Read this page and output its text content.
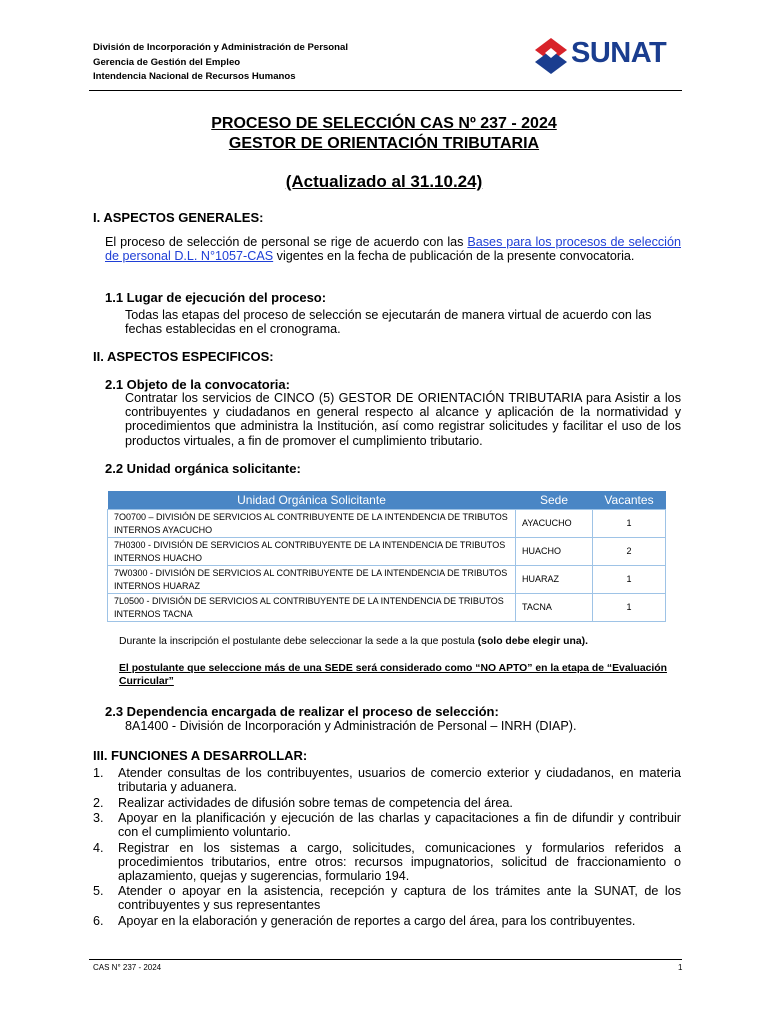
División de Incorporación y Administración de Personal
Gerencia de Gestión del Empleo
Intendencia Nacional de Recursos Humanos
SUNAT
PROCESO DE SELECCIÓN CAS Nº 237 - 2024
GESTOR DE ORIENTACIÓN TRIBUTARIA
(Actualizado al 31.10.24)
I. ASPECTOS GENERALES:
El proceso de selección de personal se rige de acuerdo con las Bases para los procesos de selección de personal D.L. N°1057-CAS vigentes en la fecha de publicación de la presente convocatoria.
1.1 Lugar de ejecución del proceso:
Todas las etapas del proceso de selección se ejecutarán de manera virtual de acuerdo con las fechas establecidas en el cronograma.
II. ASPECTOS ESPECIFICOS:
2.1 Objeto de la convocatoria:
Contratar los servicios de CINCO (5) GESTOR DE ORIENTACIÓN TRIBUTARIA para Asistir a los contribuyentes y ciudadanos en general respecto al alcance y aplicación de la normatividad y procedimientos que administra la Institución, así como registrar solicitudes y facilitar el uso de los productos virtuales, a fin de promover el cumplimiento tributario.
2.2 Unidad orgánica solicitante:
Unidad Orgánica Solicitante	Sede	Vacantes
7O0700 – DIVISIÓN DE SERVICIOS AL CONTRIBUYENTE DE LA INTENDENCIA DE TRIBUTOS INTERNOS AYACUCHO	AYACUCHO	1
7H0300 - DIVISIÓN DE SERVICIOS AL CONTRIBUYENTE DE LA INTENDENCIA DE TRIBUTOS INTERNOS HUACHO	HUACHO	2
7W0300 - DIVISIÓN DE SERVICIOS AL CONTRIBUYENTE DE LA INTENDENCIA DE TRIBUTOS INTERNOS HUARAZ	HUARAZ	1
7L0500 - DIVISIÓN DE SERVICIOS AL CONTRIBUYENTE DE LA INTENDENCIA DE TRIBUTOS INTERNOS TACNA	TACNA	1
Durante la inscripción el postulante debe seleccionar la sede a la que postula (solo debe elegir una).
El postulante que seleccione más de una SEDE será considerado como “NO APTO” en la etapa de “Evaluación Curricular”
2.3 Dependencia encargada de realizar el proceso de selección:
8A1400 - División de Incorporación y Administración de Personal – INRH (DIAP).
III. FUNCIONES A DESARROLLAR:
1. Atender consultas de los contribuyentes, usuarios de comercio exterior y ciudadanos, en materia tributaria y aduanera.
2. Realizar actividades de difusión sobre temas de competencia del área.
3. Apoyar en la planificación y ejecución de las charlas y capacitaciones a fin de difundir y contribuir con el cumplimiento voluntario.
4. Registrar en los sistemas a cargo, solicitudes, comunicaciones y formularios referidos a procedimientos tributarios, entre otros: recursos impugnatorios, solicitud de fraccionamiento o aplazamiento, quejas y sugerencias, formulario 194.
5. Atender o apoyar en la asistencia, recepción y captura de los trámites ante la SUNAT, de los contribuyentes y sus representantes
6. Apoyar en la elaboración y generación de reportes a cargo del área, para los contribuyentes.
CAS N° 237 - 2024	1
